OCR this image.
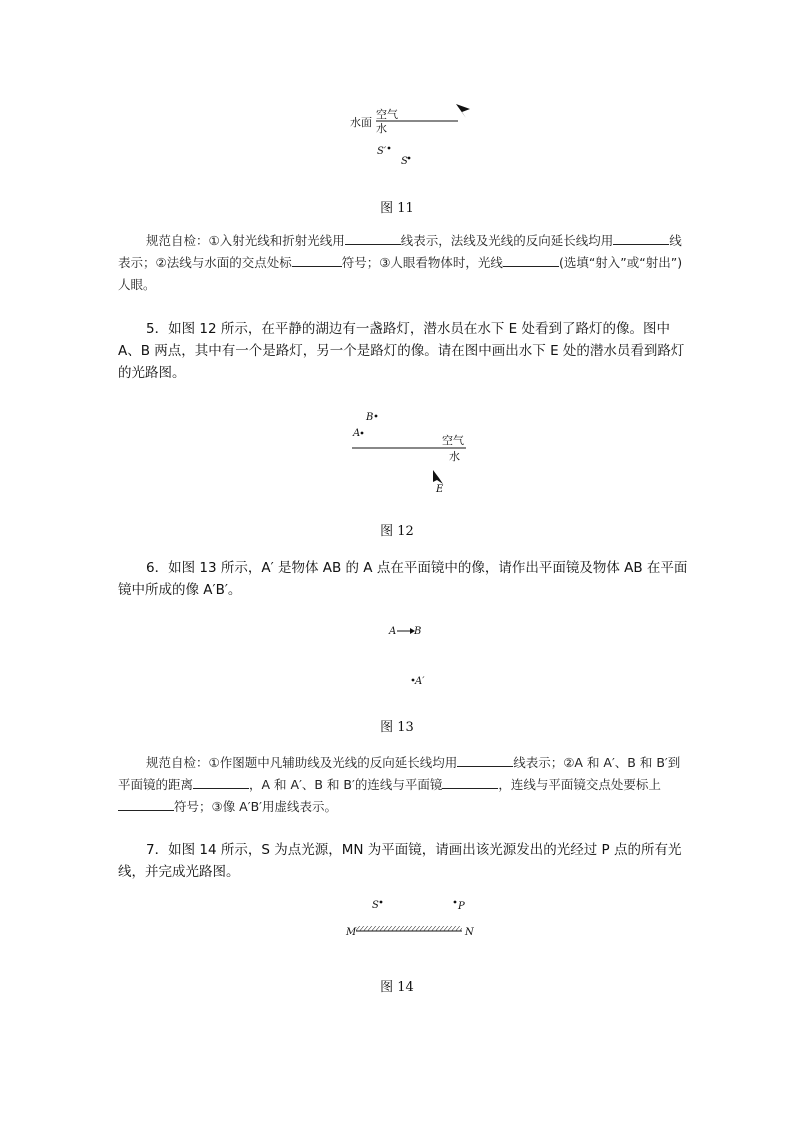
水面
空气
水
S′
S
图 11
规范自检：①入射光线和折射光线用	线表示，法线及光线的反向延长线均用	线表示；②法线与水面的交点处标	符号；③人眼看物体时，光线	(选填“射入”或“射出”)人眼。
5．如图 12 所示，在平静的湖边有一盏路灯，潜水员在水下 E 处看到了路灯的像。图中 A、B 两点，其中有一个是路灯，另一个是路灯的像。请在图中画出水下 E 处的潜水员看到路灯的光路图。
B
A
空气
水
E
图 12
6．如图 13 所示，A′ 是物体 AB 的 A 点在平面镜中的像，请作出平面镜及物体 AB 在平面镜中所成的像 A′B′。
A B
A′
图 13
规范自检：①作图题中凡辅助线及光线的反向延长线均用	线表示；②A 和 A′、B 和 B′到平面镜的距离	，A 和 A′、B 和 B′的连线与平面镜	，连线与平面镜交点处要标上符号；③像 A′B′用虚线表示。
7．如图 14 所示，S 为点光源，MN 为平面镜，请画出该光源发出的光经过 P 点的所有光线，并完成光路图。
S	P
M	N
图 14
